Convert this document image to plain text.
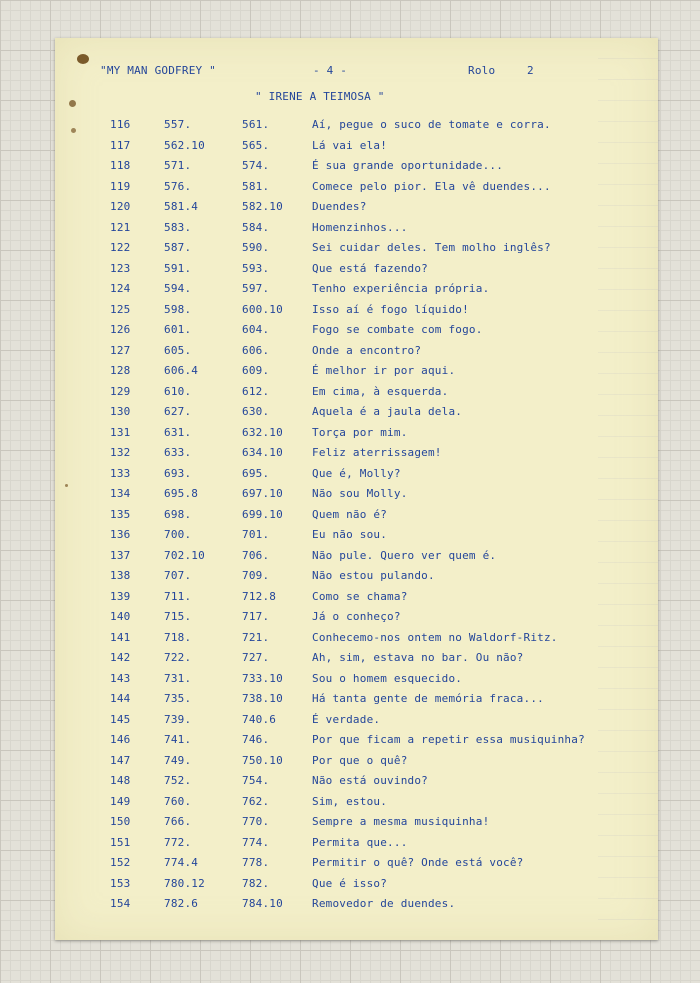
"MY MAN GODFREY "	- 4 -	Rolo	2
" IRENE A TEIMOSA "
116	557.	561.	Aí, pegue o suco de tomate e corra.
117	562.10	565.	Lá vai ela!
118	571.	574.	É sua grande oportunidade...
119	576.	581.	Comece pelo pior. Ela vê duendes...
120	581.4	582.10	Duendes?
121	583.	584.	Homenzinhos...
122	587.	590.	Sei cuidar deles. Tem molho inglês?
123	591.	593.	Que está fazendo?
124	594.	597.	Tenho experiência própria.
125	598.	600.10	Isso aí é fogo líquido!
126	601.	604.	Fogo se combate com fogo.
127	605.	606.	Onde a encontro?
128	606.4	609.	É melhor ir por aqui.
129	610.	612.	Em cima, à esquerda.
130	627.	630.	Aquela é a jaula dela.
131	631.	632.10	Torça por mim.
132	633.	634.10	Feliz aterrissagem!
133	693.	695.	Que é, Molly?
134	695.8	697.10	Não sou Molly.
135	698.	699.10	Quem não é?
136	700.	701.	Eu não sou.
137	702.10	706.	Não pule. Quero ver quem é.
138	707.	709.	Não estou pulando.
139	711.	712.8	Como se chama?
140	715.	717.	Já o conheço?
141	718.	721.	Conhecemo-nos ontem no Waldorf-Ritz.
142	722.	727.	Ah, sim, estava no bar. Ou não?
143	731.	733.10	Sou o homem esquecido.
144	735.	738.10	Há tanta gente de memória fraca...
145	739.	740.6	É verdade.
146	741.	746.	Por que ficam a repetir essa musiquinha?
147	749.	750.10	Por que o quê?
148	752.	754.	Não está ouvindo?
149	760.	762.	Sim, estou.
150	766.	770.	Sempre a mesma musiquinha!
151	772.	774.	Permita que...
152	774.4	778.	Permitir o quê? Onde está você?
153	780.12	782.	Que é isso?
154	782.6	784.10	Removedor de duendes.
